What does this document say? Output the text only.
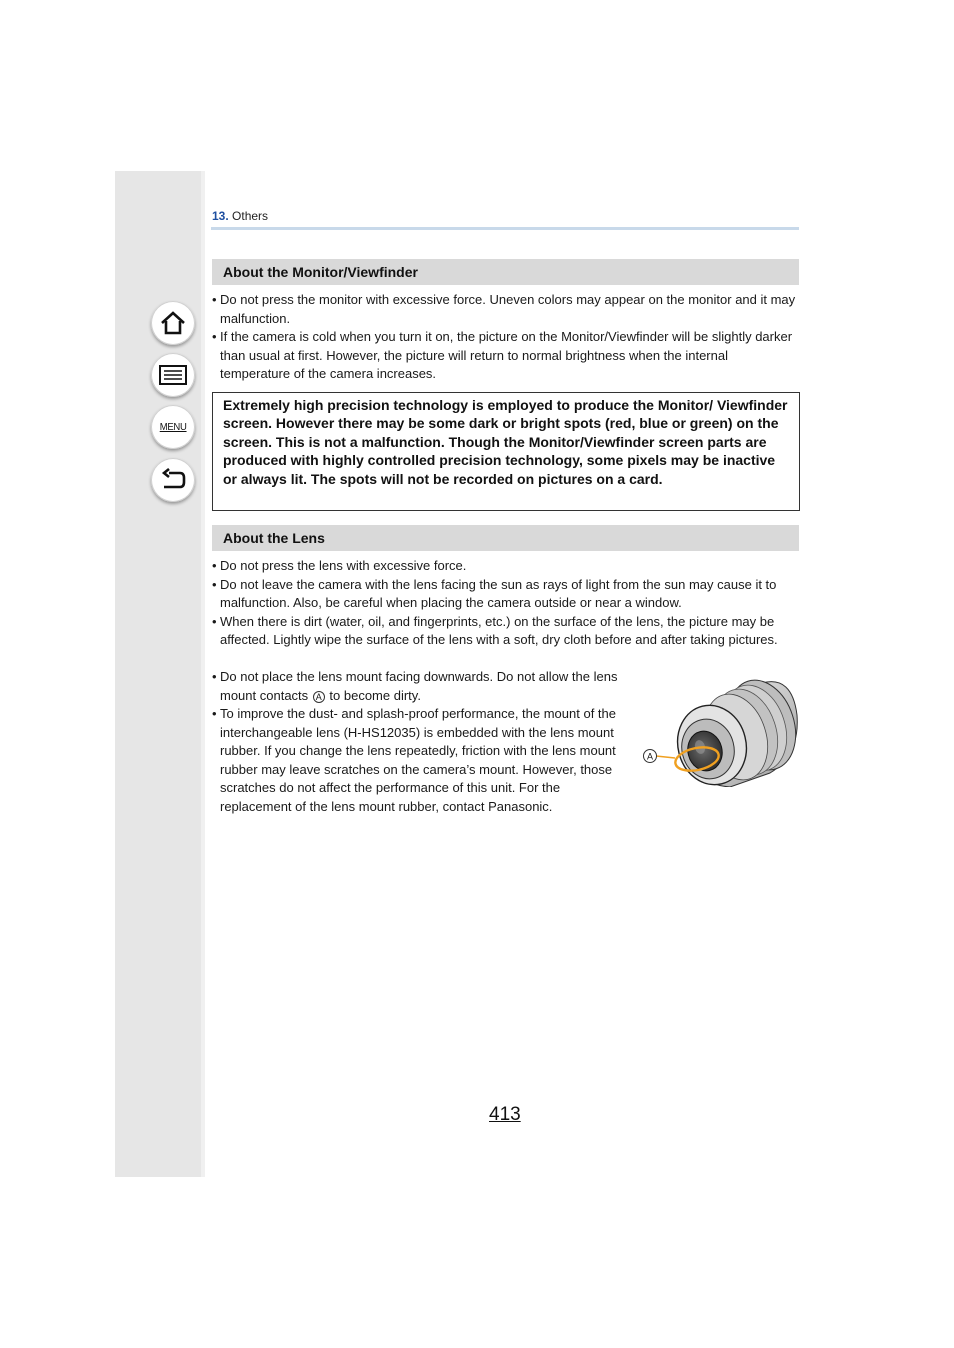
MENU
13. Others
About the Monitor/Viewfinder
• Do not press the monitor with excessive force. Uneven colors may appear on the monitor and it may malfunction.
• If the camera is cold when you turn it on, the picture on the Monitor/Viewfinder will be slightly darker than usual at first. However, the picture will return to normal brightness when the internal temperature of the camera increases.
Extremely high precision technology is employed to produce the Monitor/ Viewfinder screen. However there may be some dark or bright spots (red, blue or green) on the screen. This is not a malfunction. Though the Monitor/Viewfinder screen parts are produced with highly controlled precision technology, some pixels may be inactive or always lit. The spots will not be recorded on pictures on a card.
About the Lens
• Do not press the lens with excessive force.
• Do not leave the camera with the lens facing the sun as rays of light from the sun may cause it to malfunction. Also, be careful when placing the camera outside or near a window.
• When there is dirt (water, oil, and fingerprints, etc.) on the surface of the lens, the picture may be affected. Lightly wipe the surface of the lens with a soft, dry cloth before and after taking pictures.
• Do not place the lens mount facing downwards. Do not allow the lens mount contacts A to become dirty.
• To improve the dust- and splash-proof performance, the mount of the interchangeable lens (H-HS12035) is embedded with the lens mount rubber. If you change the lens repeatedly, friction with the lens mount rubber may leave scratches on the camera’s mount. However, those scratches do not affect the performance of this unit. For the replacement of the lens mount rubber, contact Panasonic.
A
413
